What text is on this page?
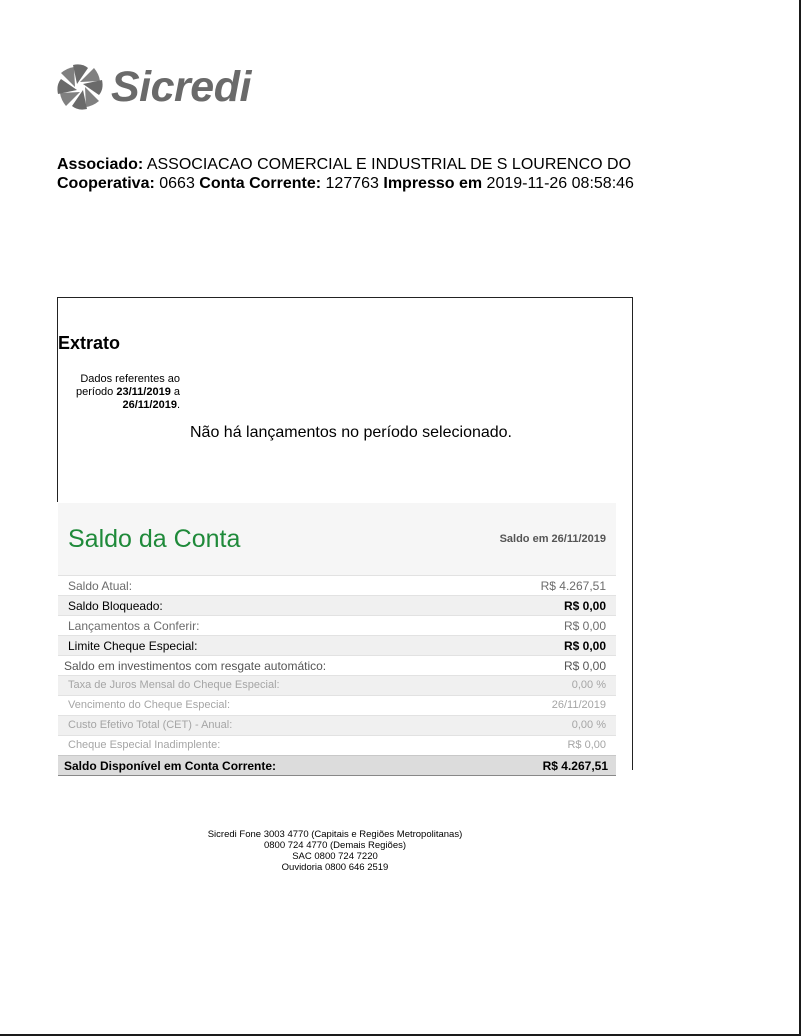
Sicredi
Associado: ASSOCIACAO COMERCIAL E INDUSTRIAL DE S LOURENCO DO
Cooperativa: 0663 Conta Corrente: 127763 Impresso em 2019-11-26 08:58:46
Extrato
Dados referentes ao período 23/11/2019 a 26/11/2019.
Não há lançamentos no período selecionado.
Saldo da Conta	Saldo em 26/11/2019
Saldo Atual:	R$ 4.267,51
Saldo Bloqueado:	R$ 0,00
Lançamentos a Conferir:	R$ 0,00
Limite Cheque Especial:	R$ 0,00
Saldo em investimentos com resgate automático:	R$ 0,00
Taxa de Juros Mensal do Cheque Especial:	0,00 %
Vencimento do Cheque Especial:	26/11/2019
Custo Efetivo Total (CET) - Anual:	0,00 %
Cheque Especial Inadimplente:	R$ 0,00
Saldo Disponível em Conta Corrente:	R$ 4.267,51
Sicredi Fone 3003 4770 (Capitais e Regiões Metropolitanas)
0800 724 4770 (Demais Regiões)
SAC 0800 724 7220
Ouvidoria 0800 646 2519
